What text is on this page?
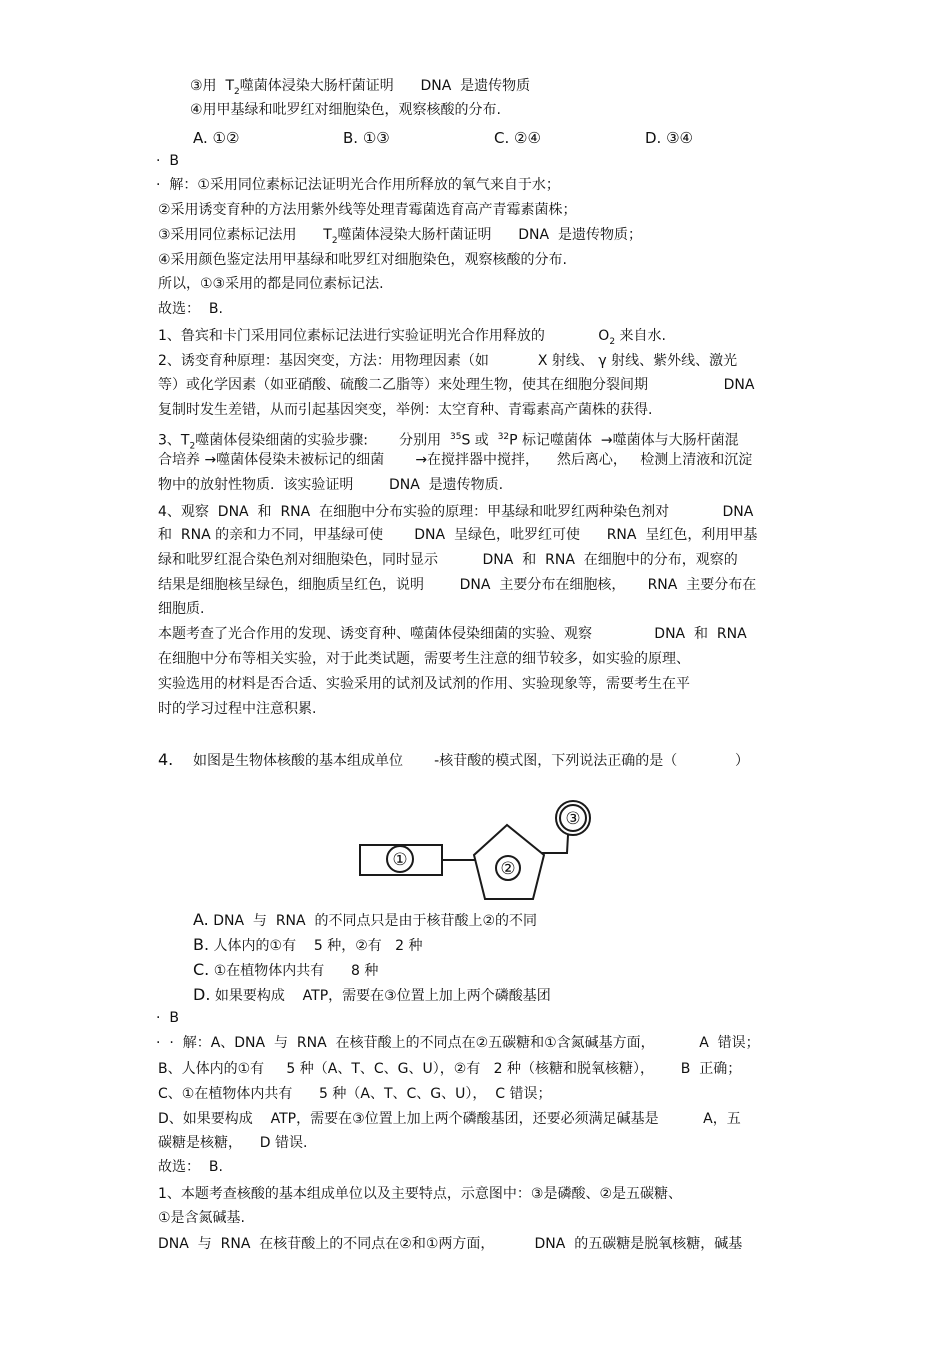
③用  $T_2$噬菌体浸染大肠杆菌证明      DNA  是遗传物质
④用甲基绿和吡罗红对细胞染色，观察核酸的分布.
A. ①②	B. ①③	C. ②④	D. ③④
·  B
·  解：①采用同位素标记法证明光合作用所释放的氧气来自于水；
②采用诱变育种的方法用紫外线等处理青霉菌选育高产青霉素菌株；
③采用同位素标记法用      $T_2$噬菌体浸染大肠杆菌证明      DNA  是遗传物质；
④采用颜色鉴定法用甲基绿和吡罗红对细胞染色，观察核酸的分布.
所以，①③采用的都是同位素标记法.
故选：  B.
1、鲁宾和卡门采用同位素标记法进行实验证明光合作用释放的            $O_2$ 来自水.
2、诱变育种原理：基因突变，方法：用物理因素（如           X 射线、 γ 射线、紫外线、激光
等）或化学因素（如亚硝酸、硫酸二乙脂等）来处理生物，使其在细胞分裂间期                 DNA
复制时发生差错，从而引起基因突变，举例：太空育种、青霉素高产菌株的获得.
3、$T_2$噬菌体侵染细菌的实验步骤:       分别用  $^{35}$S 或  $^{32}$P 标记噬菌体  →噬菌体与大肠杆菌混
合培养 →噬菌体侵染未被标记的细菌       →在搅拌器中搅拌，    然后离心，   检测上清液和沉淀
物中的放射性物质.  该实验证明        DNA  是遗传物质.
4、观察  DNA  和  RNA  在细胞中分布实验的原理：甲基绿和吡罗红两种染色剂对            DNA
和  RNA 的亲和力不同，甲基绿可使       DNA  呈绿色，吡罗红可使      RNA  呈红色，利用甲基
绿和吡罗红混合染色剂对细胞染色，同时显示          DNA  和  RNA  在细胞中的分布，观察的
结果是细胞核呈绿色，细胞质呈红色，说明        DNA  主要分布在细胞核，     RNA  主要分布在
细胞质.
本题考查了光合作用的发现、诱变育种、噬菌体侵染细菌的实验、观察              DNA  和  RNA
在细胞中分布等相关实验，对于此类试题，需要考生注意的细节较多，如实验的原理、
实验选用的材料是否合适、实验采用的试剂及试剂的作用、实验现象等，需要考生在平
时的学习过程中注意积累.
4. 如图是生物体核酸的基本组成单位       -核苷酸的模式图，下列说法正确的是（             ）
①	②
③
A. DNA  与  RNA  的不同点只是由于核苷酸上②的不同
B. 人体内的①有    5 种，②有   2 种
C. ①在植物体内共有      8 种
D. 如果要构成    ATP，需要在③位置上加上两个磷酸基团
·  B
·  ·  解：A、DNA  与  RNA  在核苷酸上的不同点在②五碳糖和①含氮碱基方面，          A  错误；
B、人体内的①有     5 种（A、T、C、G、U），②有   2 种（核糖和脱氧核糖），      B  正确；
C、①在植物体内共有      5 种（A、T、C、G、U），  C 错误；
D、如果要构成    ATP，需要在③位置上加上两个磷酸基团，还要必须满足碱基是          A，五
碳糖是核糖，    D 错误.
故选：  B.
1、本题考查核酸的基本组成单位以及主要特点，示意图中：③是磷酸、②是五碳糖、
①是含氮碱基.
DNA  与  RNA  在核苷酸上的不同点在②和①两方面，         DNA  的五碳糖是脱氧核糖，碱基
